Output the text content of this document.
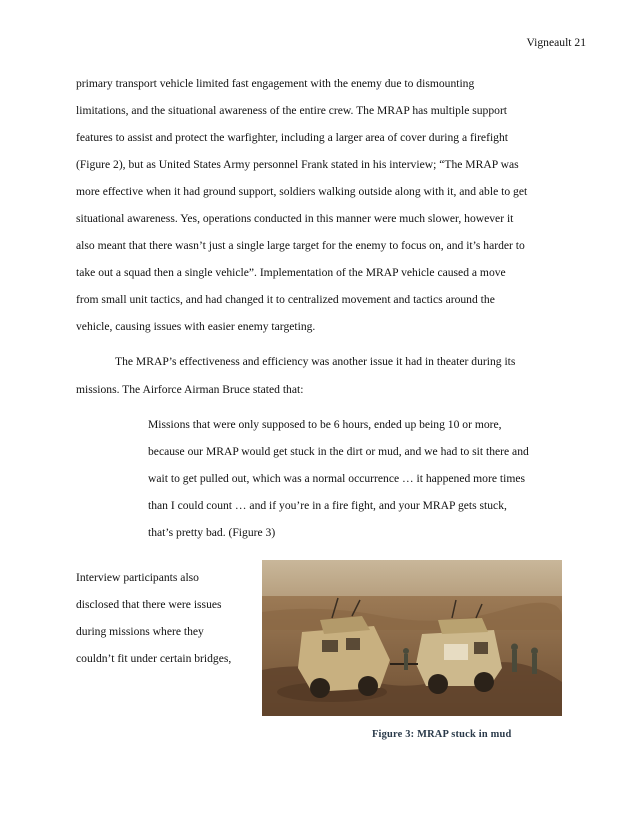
Vigneault 21
primary transport vehicle limited fast engagement with the enemy due to dismounting
limitations, and the situational awareness of the entire crew. The MRAP has multiple support
features to assist and protect the warfighter, including a larger area of cover during a firefight
(Figure 2), but as United States Army personnel Frank stated in his interview; “The MRAP was
more effective when it had ground support, soldiers walking outside along with it, and able to get
situational awareness. Yes, operations conducted in this manner were much slower, however it
also meant that there wasn’t just a single large target for the enemy to focus on, and it’s harder to
take out a squad then a single vehicle”. Implementation of the MRAP vehicle caused a move
from small unit tactics, and had changed it to centralized movement and tactics around the
vehicle, causing issues with easier enemy targeting.
The MRAP’s effectiveness and efficiency was another issue it had in theater during its
missions. The Airforce Airman Bruce stated that:
Missions that were only supposed to be 6 hours, ended up being 10 or more,
because our MRAP would get stuck in the dirt or mud, and we had to sit there and
wait to get pulled out, which was a normal occurrence … it happened more times
than I could count … and if you’re in a fire fight, and your MRAP gets stuck,
that’s pretty bad. (Figure 3)
Interview participants also
disclosed that there were issues
during missions where they
couldn’t fit under certain bridges,
Figure 3: MRAP stuck in mud
